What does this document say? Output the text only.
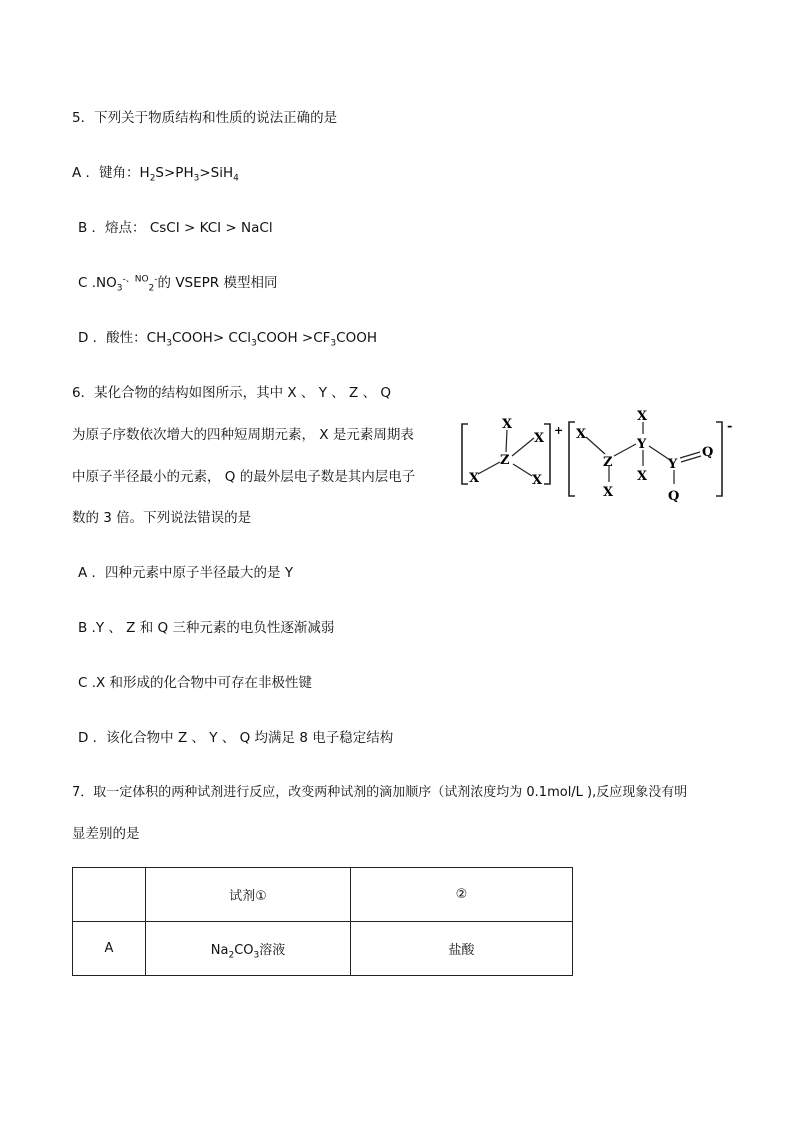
5．下列关于物质结构和性质的说法正确的是
A ．键角：$H_2S>PH_3>SiH_4$
B ．熔点： CsCI > KCI > NaCl
C $.NO_3^{-、NO}_2^-$的 VSEPR 模型相同
D ．酸性：$CH_3COOH>$ CCl$_3$COOH $>CF_3COOH$
6．某化合物的结构如图所示，其中 X 、 Y 、 Z 、 Q
为原子序数依次增大的四种短周期元素， X 是元素周期表
中原子半径最小的元素， Q 的最外层电子数是其内层电子
数的 3 倍。下列说法错误的是
+
X
Z
X
X	X
-
X
Z
X
X
Y
X
Y
Q
Q
A ．四种元素中原子半径最大的是 Y
B .Y 、 Z 和 Q 三种元素的电负性逐渐减弱
C .X 和形成的化合物中可存在非极性键
D ．该化合物中 Z 、 Y 、 Q 均满足 8 电子稳定结构
7．取一定体积的两种试剂进行反应，改变两种试剂的滴加顺序（试剂浓度均为 0.1mol/L ),反应现象没有明
显差别的是
	试剂①	②
A	$Na_2CO_3$溶液	盐酸
